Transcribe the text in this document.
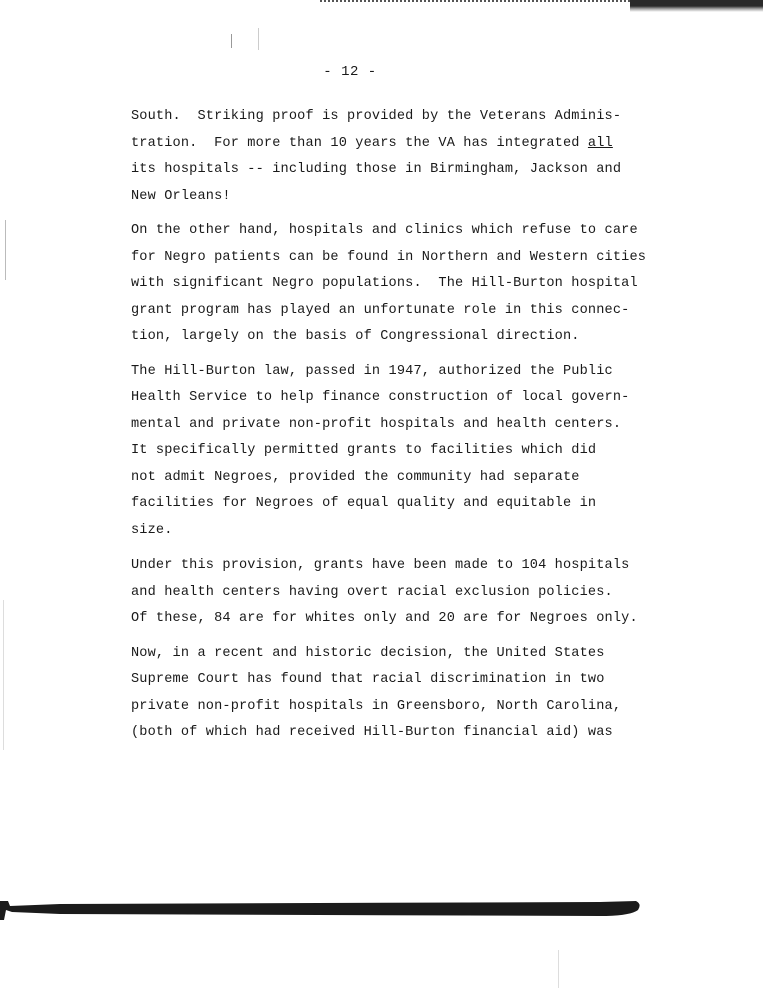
- 12 -
South.  Striking proof is provided by the Veterans Adminis-
tration.  For more than 10 years the VA has integrated all
its hospitals -- including those in Birmingham, Jackson and
New Orleans!
On the other hand, hospitals and clinics which refuse to care
for Negro patients can be found in Northern and Western cities
with significant Negro populations.  The Hill-Burton hospital
grant program has played an unfortunate role in this connec-
tion, largely on the basis of Congressional direction.
The Hill-Burton law, passed in 1947, authorized the Public
Health Service to help finance construction of local govern-
mental and private non-profit hospitals and health centers.
It specifically permitted grants to facilities which did
not admit Negroes, provided the community had separate
facilities for Negroes of equal quality and equitable in
size.
Under this provision, grants have been made to 104 hospitals
and health centers having overt racial exclusion policies.
Of these, 84 are for whites only and 20 are for Negroes only.
Now, in a recent and historic decision, the United States
Supreme Court has found that racial discrimination in two
private non-profit hospitals in Greensboro, North Carolina,
(both of which had received Hill-Burton financial aid) was
